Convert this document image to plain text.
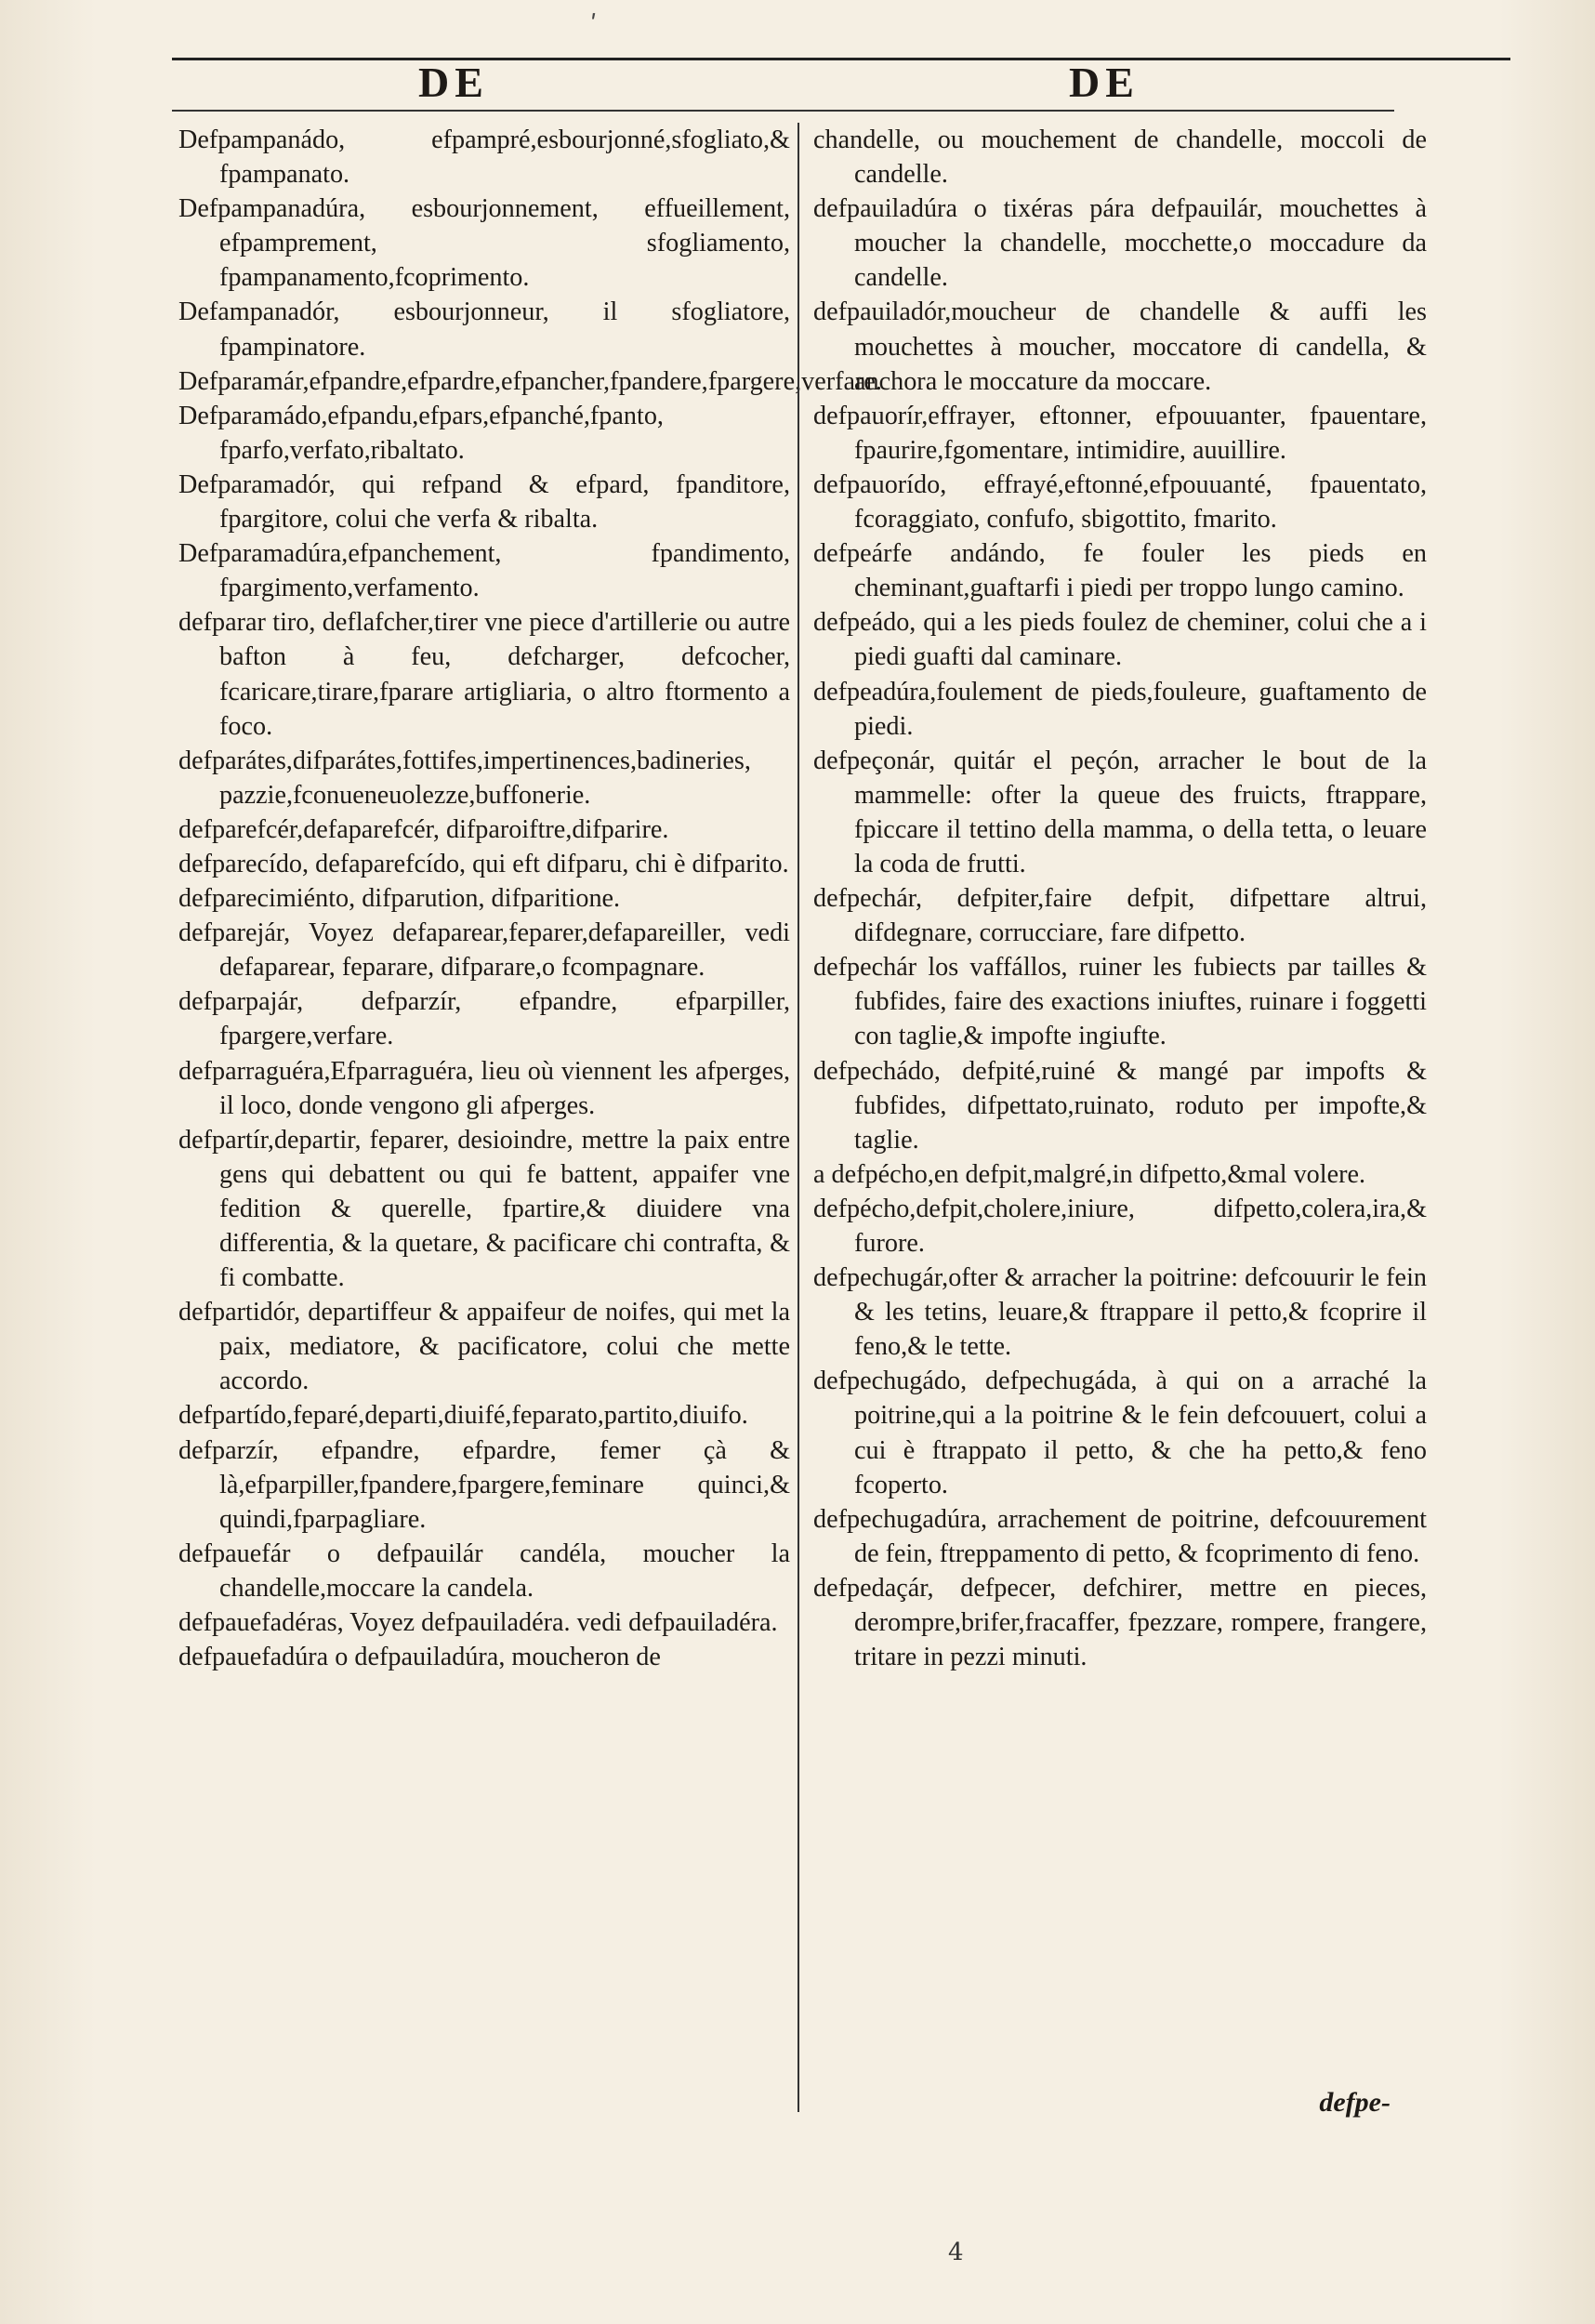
ʹ
DE	DE

Defpampanádo, efpampré,esbourjonné,sfogliato,& fpampanato.

Defpampanadúra, esbourjonnement, effueillement, efpamprement, sfogliamento, fpampanamento,fcoprimento.

Defampanadór, esbourjonneur, il sfogliatore, fpampinatore.

Defparamár,efpandre,efpardre,efpancher,fpandere,fpargere,verfare.

Defparamádo,efpandu,efpars,efpanché,fpanto, fparfo,verfato,ribaltato.

Defparamadór, qui refpand & efpard, fpanditore, fpargitore, colui che verfa & ribalta.

Defparamadúra,efpanchement, fpandimento, fpargimento,verfamento.

defparar tiro, deflafcher,tirer vne piece d'artillerie ou autre bafton à feu, defcharger, defcocher, fcaricare,tirare,fparare artigliaria, o altro ftormento a foco.

defparátes,difparátes,fottifes,impertinences,badineries, pazzie,fconueneuolezze,buffonerie.

defparefcér,defaparefcér, difparoiftre,difparire.

defparecído, defaparefcído, qui eft difparu, chi è difparito.

defparecimiénto, difparution, difparitione.

defparejár, Voyez defaparear,feparer,defapareiller, vedi defaparear, feparare, difparare,o fcompagnare.

defparpajár, defparzír, efpandre, efparpiller, fpargere,verfare.

defparraguéra,Efparraguéra, lieu où viennent les afperges, il loco, donde vengono gli afperges.

defpartír,departir, feparer, desioindre, mettre la paix entre gens qui debattent ou qui fe battent, appaifer vne fedition & querelle, fpartire,& diuidere vna differentia, & la quetare, & pacificare chi contrafta, & fi combatte.

defpartidór, departiffeur & appaifeur de noifes, qui met la paix, mediatore, & pacificatore, colui che mette accordo.

defpartído,feparé,departi,diuifé,feparato,partito,diuifo.

defparzír, efpandre, efpardre, femer çà & là,efparpiller,fpandere,fpargere,feminare quinci,& quindi,fparpagliare.

defpauefár o defpauilár candéla, moucher la chandelle,moccare la candela.

defpauefadéras, Voyez defpauiladéra. vedi defpauiladéra.

defpauefadúra o defpauiladúra, moucheron de

chandelle, ou mouchement de chandelle, moccoli de candelle.

defpauiladúra o tixéras pára defpauilár, mouchettes à moucher la chandelle, mocchette,o moccadure da candelle.

defpauiladór,moucheur de chandelle & auffi les mouchettes à moucher, moccatore di candella, & anchora le moccature da moccare.

defpauorír,effrayer, eftonner, efpouuanter, fpauentare, fpaurire,fgomentare, intimidire, auuillire.

defpauorído, effrayé,eftonné,efpouuanté, fpauentato, fcoraggiato, confufo, sbigottito, fmarito.

defpeárfe andándo, fe fouler les pieds en cheminant,guaftarfi i piedi per troppo lungo camino.

defpeádo, qui a les pieds foulez de cheminer, colui che a i piedi guafti dal caminare.

defpeadúra,foulement de pieds,fouleure, guaftamento de piedi.

defpeçonár, quitár el peçón, arracher le bout de la mammelle: ofter la queue des fruicts, ftrappare, fpiccare il tettino della mamma, o della tetta, o leuare la coda de frutti.

defpechár, defpiter,faire defpit, difpettare altrui, difdegnare, corrucciare, fare difpetto.

defpechár los vaffállos, ruiner les fubiects par tailles & fubfides, faire des exactions iniuftes, ruinare i foggetti con taglie,& impofte ingiufte.

defpechádo, defpité,ruiné & mangé par impofts & fubfides, difpettato,ruinato, roduto per impofte,& taglie.

a defpécho,en defpit,malgré,in difpetto,&mal volere.

defpécho,defpit,cholere,iniure, difpetto,colera,ira,& furore.

defpechugár,ofter & arracher la poitrine: defcouurir le fein & les tetins, leuare,& ftrappare il petto,& fcoprire il feno,& le tette.

defpechugádo, defpechugáda, à qui on a arraché la poitrine,qui a la poitrine & le fein defcouuert, colui a cui è ftrappato il petto, & che ha petto,& feno fcoperto.

defpechugadúra, arrachement de poitrine, defcouurement de fein, ftreppamento di petto, & fcoprimento di feno.

defpedaçár, defpecer, defchirer, mettre en pieces, derompre,brifer,fracaffer, fpezzare, rompere, frangere, tritare in pezzi minuti.

defpe-
4
